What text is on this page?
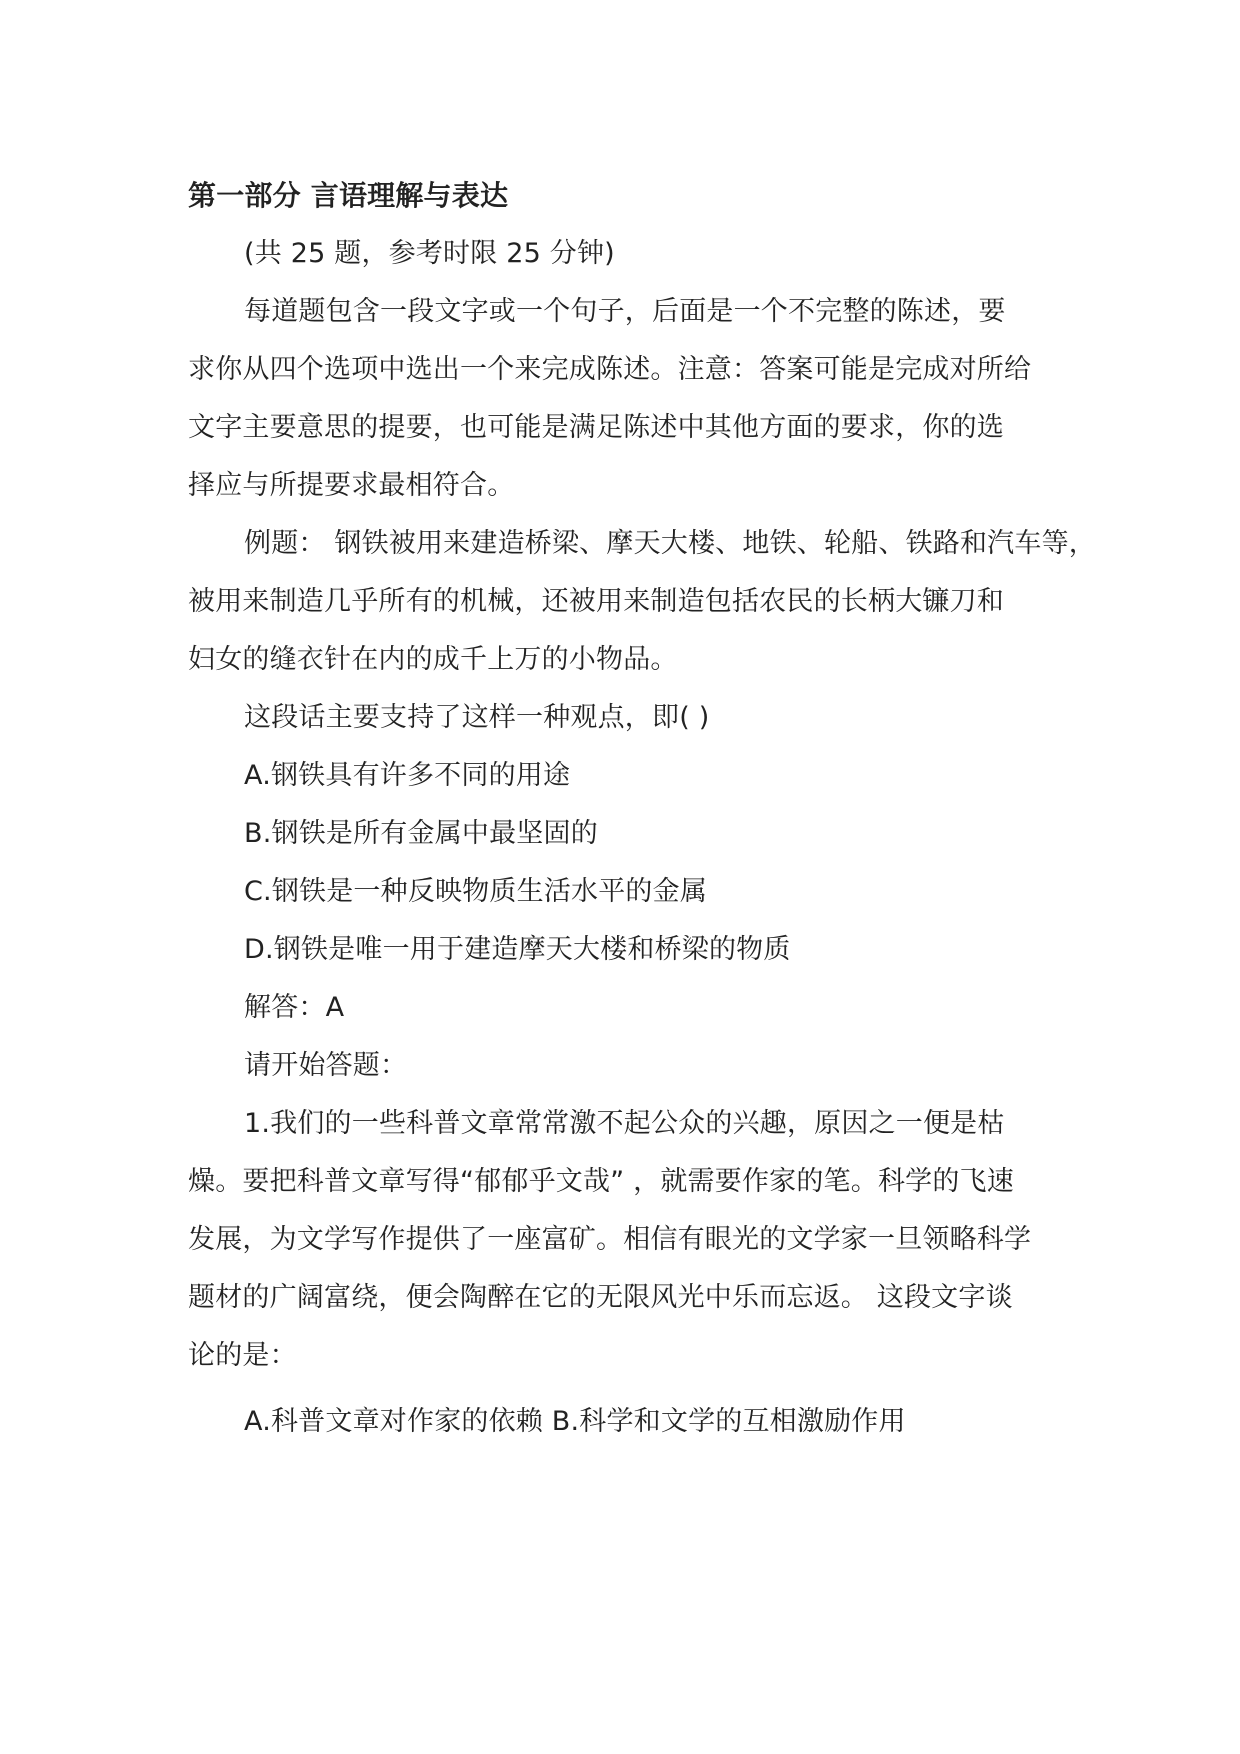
第一部分 言语理解与表达
(共 25 题，参考时限 25 分钟)
每道题包含一段文字或一个句子，后面是一个不完整的陈述，要
求你从四个选项中选出一个来完成陈述。注意：答案可能是完成对所给
文字主要意思的提要，也可能是满足陈述中其他方面的要求，你的选
择应与所提要求最相符合。
例题： 钢铁被用来建造桥梁、摩天大楼、地铁、轮船、铁路和汽车等，
被用来制造几乎所有的机械，还被用来制造包括农民的长柄大镰刀和
妇女的缝衣针在内的成千上万的小物品。
这段话主要支持了这样一种观点，即( )
A.钢铁具有许多不同的用途
B.钢铁是所有金属中最坚固的
C.钢铁是一种反映物质生活水平的金属
D.钢铁是唯一用于建造摩天大楼和桥梁的物质
解答：A
请开始答题：
1.我们的一些科普文章常常激不起公众的兴趣，原因之一便是枯
燥。要把科普文章写得“郁郁乎文哉” ，就需要作家的笔。科学的飞速
发展，为文学写作提供了一座富矿。相信有眼光的文学家一旦领略科学
题材的广阔富绕，便会陶醉在它的无限风光中乐而忘返。 这段文字谈
论的是：
A.科普文章对作家的依赖 B.科学和文学的互相激励作用
